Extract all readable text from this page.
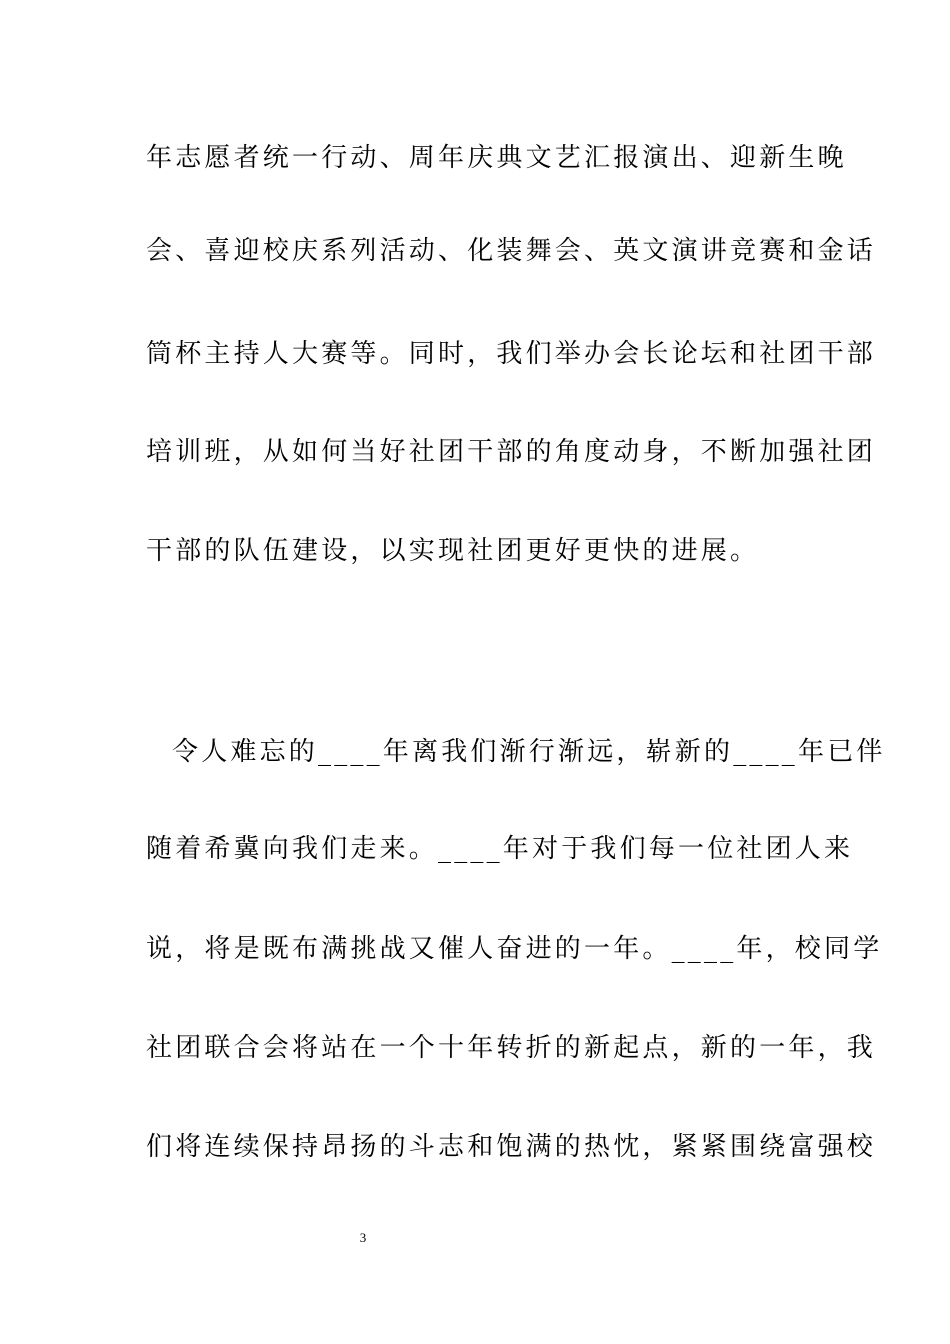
年志愿者统一行动、周年庆典文艺汇报演出、迎新生晚
会、喜迎校庆系列活动、化装舞会、英文演讲竞赛和金话
筒杯主持人大赛等。同时，我们举办会长论坛和社团干部
培训班，从如何当好社团干部的角度动身，不断加强社团
干部的队伍建设，以实现社团更好更快的进展。
令人难忘的____年离我们渐行渐远，崭新的____年已伴
随着希冀向我们走来。____年对于我们每一位社团人来
说，将是既布满挑战又催人奋进的一年。____年，校同学
社团联合会将站在一个十年转折的新起点，新的一年，我
们将连续保持昂扬的斗志和饱满的热忱，紧紧围绕富强校
3
